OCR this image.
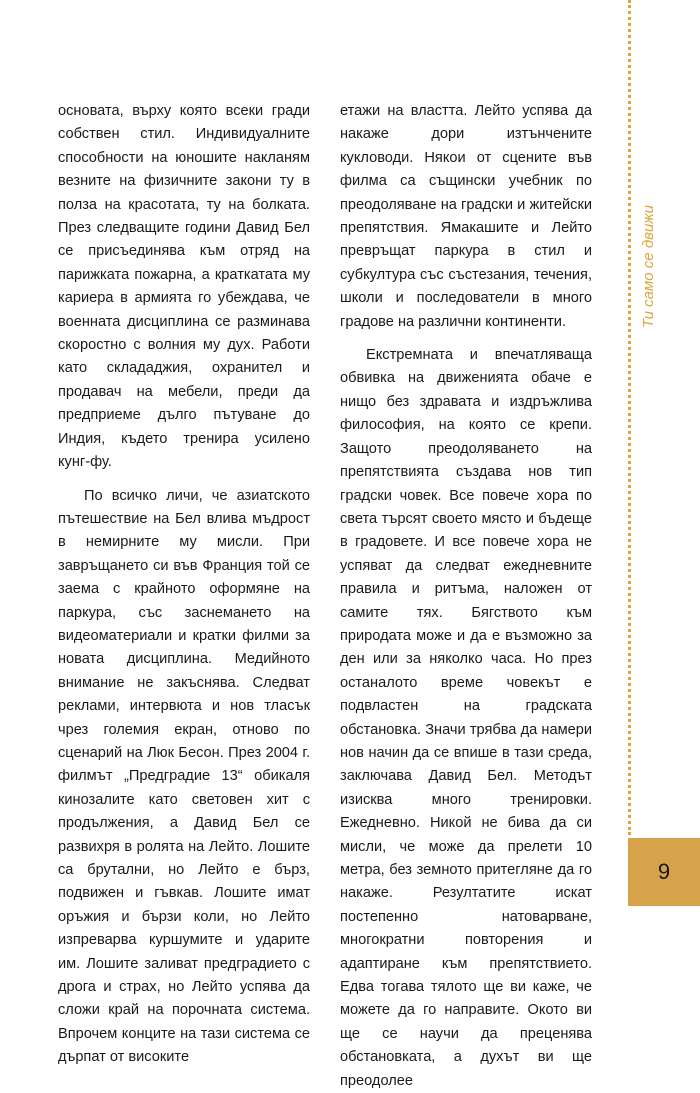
основата, върху която всеки гради собствен стил. Индивидуалните способности на юношите накланям везните на физичните закони ту в полза на красотата, ту на болката. През следващите години Давид Бел се присъединява към отряд на парижката пожарна, а краткатата му кариера в армията го убеждава, че военната дисциплина се разминава скоростно с волния му дух. Работи като склададжия, охранител и продавач на мебели, преди да предприеме дълго пътуване до Индия, където тренира усилено кунг-фу.

По всичко личи, че азиатското пътешествие на Бел влива мъдрост в немирните му мисли. При завръщането си във Франция той се заема с крайното оформяне на паркура, със заснемането на видеоматериали и кратки филми за новата дисциплина. Медийното внимание не закъснява. Следват реклами, интервюта и нов тласък чрез големия екран, отново по сценарий на Люк Бесон. През 2004 г. филмът „Предградие 13“ обикаля кинозалите като световен хит с продължения, а Давид Бел се развихря в ролята на Лейто. Лошите са брутални, но Лейто е бърз, подвижен и гъвкав. Лошите имат оръжия и бързи коли, но Лейто изпреварва куршумите и ударите им. Лошите заливат предградието с дрога и страх, но Лейто успява да сложи край на порочната система. Впрочем конците на тази система се дърпат от високите

етажи на властта. Лейто успява да накаже дори изтънчените кукловоди. Някои от сцените във филма са същински учебник по преодоляване на градски и житейски препятствия. Ямакашите и Лейто превръщат паркура в стил и субкултура със състезания, течения, школи и последователи в много градове на различни континенти.

Екстремната и впечатляваща обвивка на движенията обаче е нищо без здравата и издръжлива философия, на която се крепи. Защото преодоляването на препятствията създава нов тип градски човек. Все повече хора по света търсят своето място и бъдеще в градовете. И все повече хора не успяват да следват ежедневните правила и ритъма, наложен от самите тях. Бягството към природата може и да е възможно за ден или за няколко часа. Но през останалото време човекът е подвластен на градската обстановка. Значи трябва да намери нов начин да се впише в тази среда, заключава Давид Бел. Методът изисква много тренировки. Ежедневно. Никой не бива да си мисли, че може да прелети 10 метра, без земното притегляне да го накаже. Резултатите искат постепенно натоварване, многократни повторения и адаптиране към препятствието. Едва тогава тялото ще ви каже, че можете да го направите. Окото ви ще се научи да преценява обстановката, а духът ви ще преодолее

Ти само се движи
9
